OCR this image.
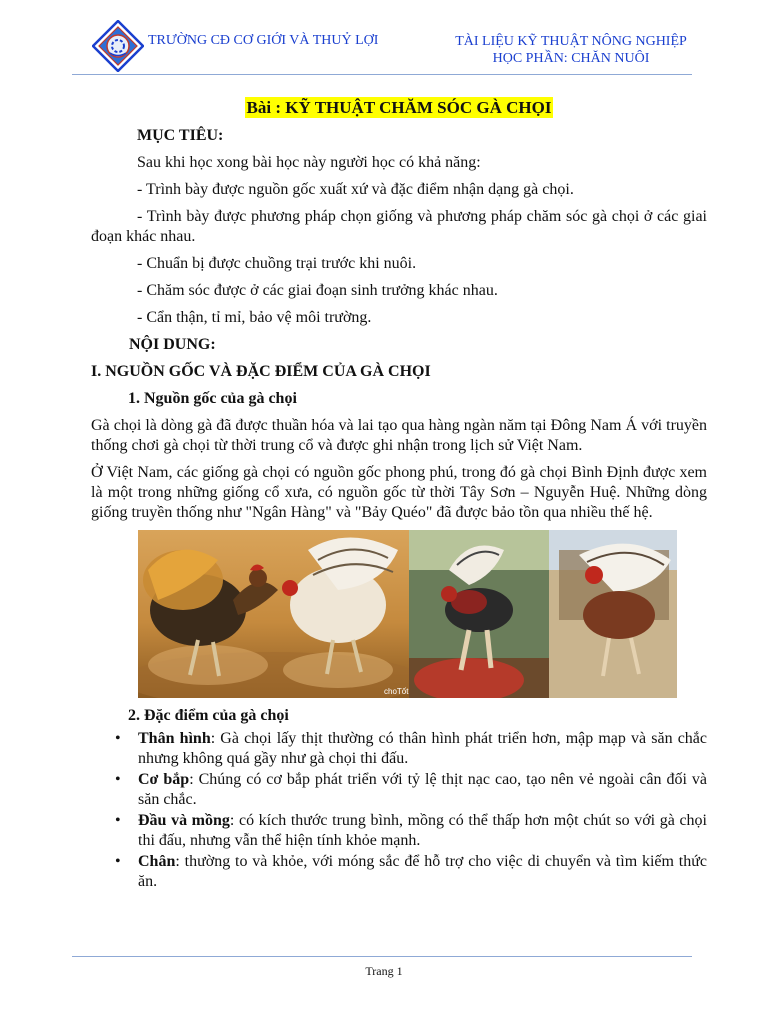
TRƯỜNG CĐ CƠ GIỚI VÀ THUỶ LỢI	TÀI LIỆU KỸ THUẬT NÔNG NGHIỆP
HỌC PHẦN: CHĂN NUÔI
Bài : KỸ THUẬT CHĂM SÓC GÀ CHỌI
MỤC TIÊU:
Sau khi học xong bài học này người học có khả năng:
- Trình bày được nguồn gốc xuất xứ và đặc điểm nhận dạng gà chọi.
- Trình bày được phương pháp chọn giống và phương pháp chăm sóc gà chọi ở các giai đoạn khác nhau.
- Chuẩn bị được chuồng trại trước khi nuôi.
- Chăm sóc được ở các giai đoạn sinh trưởng khác nhau.
- Cẩn thận, tỉ mỉ, bảo vệ môi trường.
NỘI DUNG:
I. NGUỒN GỐC VÀ ĐẶC ĐIỂM CỦA GÀ CHỌI
1. Nguồn gốc của gà chọi
Gà chọi là dòng gà đã được thuần hóa và lai tạo qua hàng ngàn năm tại Đông Nam Á với truyền thống chơi gà chọi từ thời trung cổ và được ghi nhận trong lịch sử Việt Nam.
Ở Việt Nam, các giống gà chọi có nguồn gốc phong phú, trong đó gà chọi Bình Định được xem là một trong những giống cổ xưa, có nguồn gốc từ thời Tây Sơn – Nguyễn Huệ. Những dòng giống truyền thống như "Ngân Hàng" và "Bảy Quéo" đã được bảo tồn qua nhiều thế hệ.
choTốt
2. Đặc điểm của gà chọi
• Thân hình: Gà chọi lấy thịt thường có thân hình phát triển hơn, mập mạp và săn chắc nhưng không quá gầy như gà chọi thi đấu.
• Cơ bắp: Chúng có cơ bắp phát triển với tỷ lệ thịt nạc cao, tạo nên vẻ ngoài cân đối và săn chắc.
• Đầu và mồng: có kích thước trung bình, mồng có thể thấp hơn một chút so với gà chọi thi đấu, nhưng vẫn thể hiện tính khỏe mạnh.
• Chân: thường to và khỏe, với móng sắc để hỗ trợ cho việc di chuyển và tìm kiếm thức ăn.
Trang 1
